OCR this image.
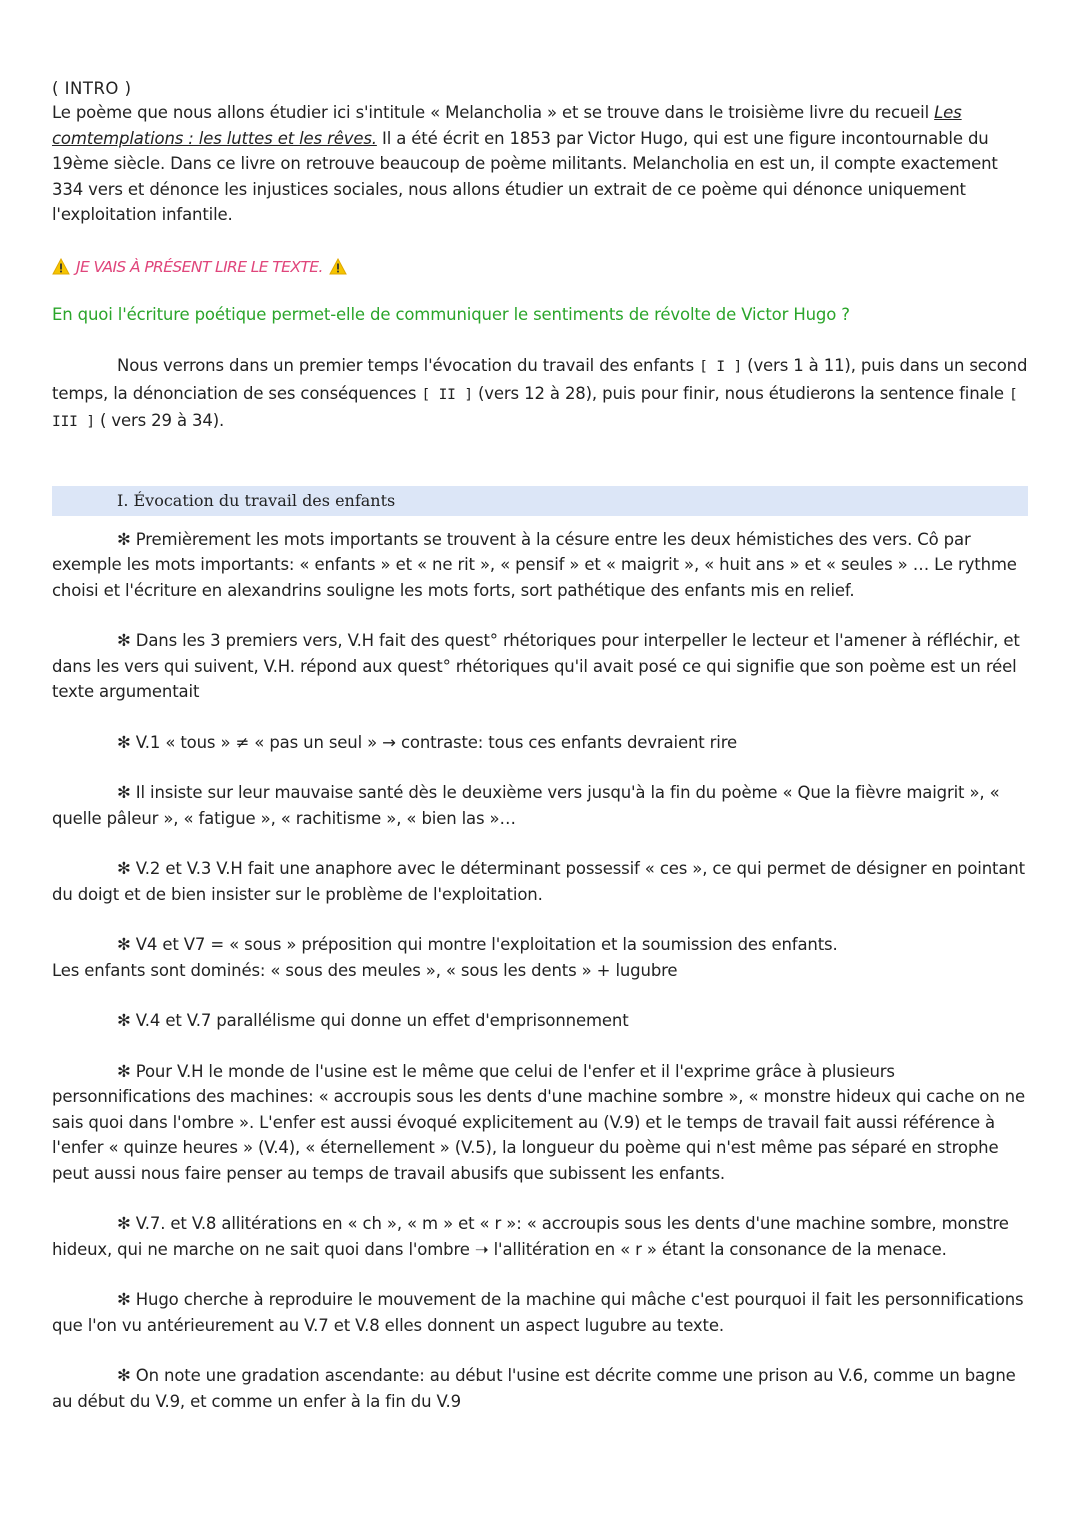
( INTRO )

Le poème que nous allons étudier ici s'intitule « Melancholia » et se trouve dans le troisième livre du recueil Les comtemplations : les luttes et les rêves. Il a été écrit en 1853 par Victor Hugo, qui est une figure incontournable du 19ème siècle. Dans ce livre on retrouve beaucoup de poème militants. Melancholia en est un, il compte exactement 334 vers et dénonce les injustices sociales, nous allons étudier un extrait de ce poème qui dénonce uniquement l'exploitation infantile.

JE VAIS À PRÉSENT LIRE LE TEXTE.

En quoi l'écriture poétique permet-elle de communiquer le sentiments de révolte de Victor Hugo ?

Nous verrons dans un premier temps l'évocation du travail des enfants [ I ] (vers 1 à 11), puis dans un second temps, la dénonciation de ses conséquences [ II ] (vers 12 à 28), puis pour finir, nous étudierons la sentence finale [ III ] ( vers 29 à 34).

I. Évocation du travail des enfants

✻ Premièrement les mots importants se trouvent à la césure entre les deux hémistiches des vers. Cô par exemple les mots importants: « enfants » et « ne rit », « pensif » et « maigrit », « huit ans » et « seules » … Le rythme choisi et l'écriture en alexandrins souligne les mots forts, sort pathétique des enfants mis en relief.

✻ Dans les 3 premiers vers, V.H fait des quest° rhétoriques pour interpeller le lecteur et l'amener à réfléchir, et dans les vers qui suivent, V.H. répond aux quest° rhétoriques qu'il avait posé ce qui signifie que son poème est un réel texte argumentait

✻ V.1 « tous » ≠ « pas un seul » → contraste: tous ces enfants devraient rire

✻ Il insiste sur leur mauvaise santé dès le deuxième vers jusqu'à la fin du poème « Que la fièvre maigrit », « quelle pâleur », « fatigue », « rachitisme », « bien las »…

✻ V.2 et V.3 V.H fait une anaphore avec le déterminant possessif « ces », ce qui permet de désigner en pointant du doigt et de bien insister sur le problème de l'exploitation.

✻ V4 et V7 = « sous » préposition qui montre l'exploitation et la soumission des enfants.

Les enfants sont dominés: « sous des meules », « sous les dents » + lugubre

✻ V.4 et V.7 parallélisme qui donne un effet d'emprisonnement

✻ Pour V.H le monde de l'usine est le même que celui de l'enfer et il l'exprime grâce à plusieurs personnifications des machines: « accroupis sous les dents d'une machine sombre », « monstre hideux qui cache on ne sais quoi dans l'ombre ». L'enfer est aussi évoqué explicitement au (V.9) et le temps de travail fait aussi référence à l'enfer « quinze heures » (V.4), « éternellement » (V.5), la longueur du poème qui n'est même pas séparé en strophe peut aussi nous faire penser au temps de travail abusifs que subissent les enfants.

✻ V.7. et V.8 allitérations en « ch », « m » et « r »: « accroupis sous les dents d'une machine sombre, monstre hideux, qui ne marche on ne sait quoi dans l'ombre ➝ l'allitération en « r » étant la consonance de la menace.

✻ Hugo cherche à reproduire le mouvement de la machine qui mâche c'est pourquoi il fait les personnifications que l'on vu antérieurement au V.7 et V.8 elles donnent un aspect lugubre au texte.

✻ On note une gradation ascendante: au début l'usine est décrite comme une prison au V.6, comme un bagne au début du V.9, et comme un enfer à la fin du V.9
